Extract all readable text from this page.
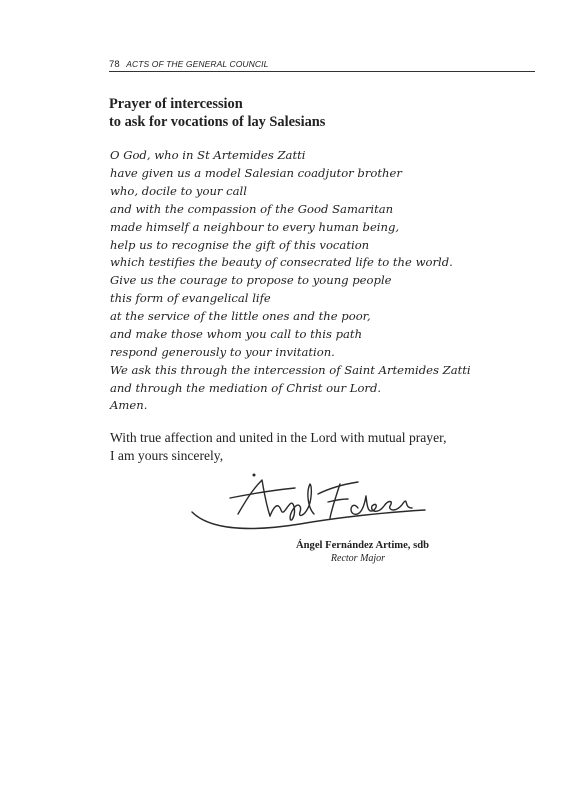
78 ACTS OF THE GENERAL COUNCIL
Prayer of intercession
to ask for vocations of lay Salesians
O God, who in St Artemides Zatti
have given us a model Salesian coadjutor brother
who, docile to your call
and with the compassion of the Good Samaritan
made himself a neighbour to every human being,
help us to recognise the gift of this vocation
which testifies the beauty of consecrated life to the world.
Give us the courage to propose to young people
this form of evangelical life
at the service of the little ones and the poor,
and make those whom you call to this path
respond generously to your invitation.
We ask this through the intercession of Saint Artemides Zatti
and through the mediation of Christ our Lord.
Amen.
With true affection and united in the Lord with mutual prayer,
I am yours sincerely,
Ángel Fernández Artime, sdb
Rector Major
